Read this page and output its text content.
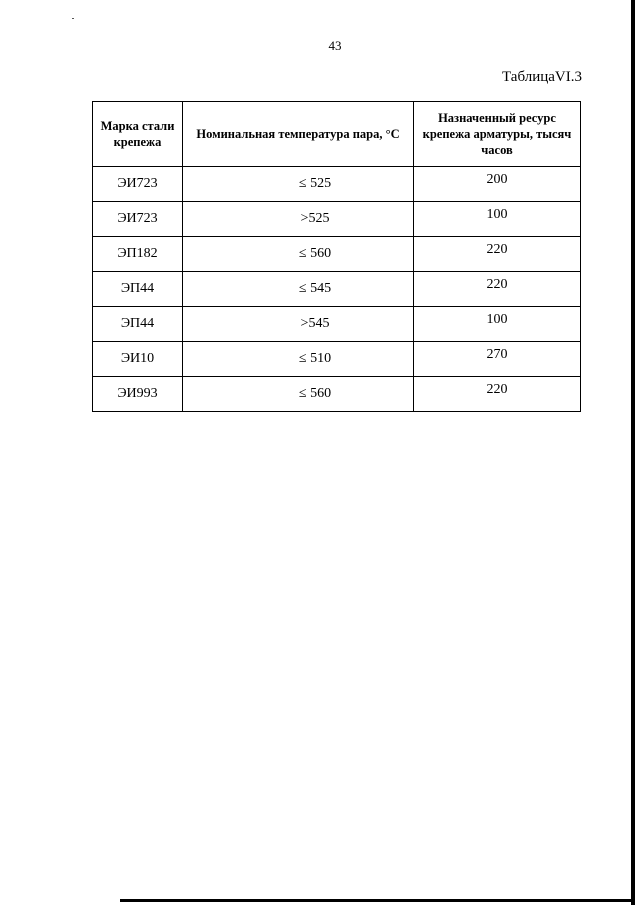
43
ТаблицаVI.3
Марка стали крепежа	Номинальная температура пара, °С	Назначенный ресурс крепежа арматуры, тысяч часов
ЭИ723	≤ 525	200
ЭИ723	>525	100
ЭП182	≤ 560	220
ЭП44	≤ 545	220
ЭП44	>545	100
ЭИ10	≤ 510	270
ЭИ993	≤ 560	220
